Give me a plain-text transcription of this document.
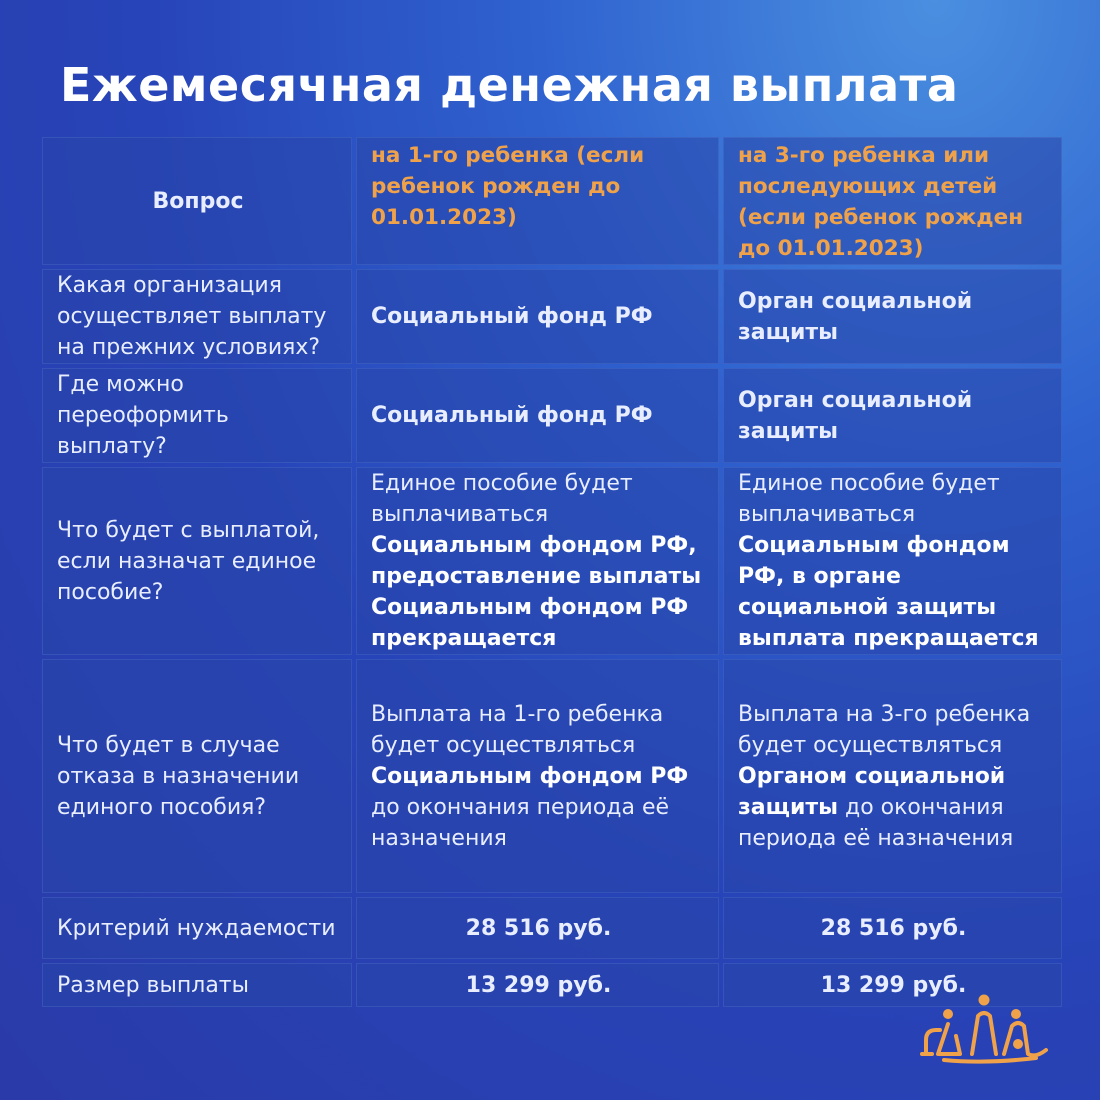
Ежемесячная денежная выплата
Вопрос	на 1-го ребенка (если ребенок рожден до 01.01.2023)	на 3-го ребенка или последующих детей (если ребенок рожден до 01.01.2023)
Какая организация осуществляет выплату на прежних условиях?	Социальный фонд РФ	Орган социальной защиты
Где можно переоформить выплату?	Социальный фонд РФ	Орган социальной защиты
Что будет с выплатой, если назначат единое пособие?	Единое пособие будет выплачиваться Социальным фондом РФ, предоставление выплаты Социальным фондом РФ прекращается	Единое пособие будет выплачиваться Социальным фондом РФ, в органе социальной защиты выплата прекращается
Что будет в случае отказа в назначении единого пособия?	Выплата на 1-го ребенка будет осуществляться Социальным фондом РФ до окончания периода её назначения	Выплата на 3-го ребенка будет осуществляться Органом социальной защиты до окончания периода её назначения
Критерий нуждаемости	28 516 руб.	28 516 руб.
Размер выплаты	13 299 руб.	13 299 руб.
